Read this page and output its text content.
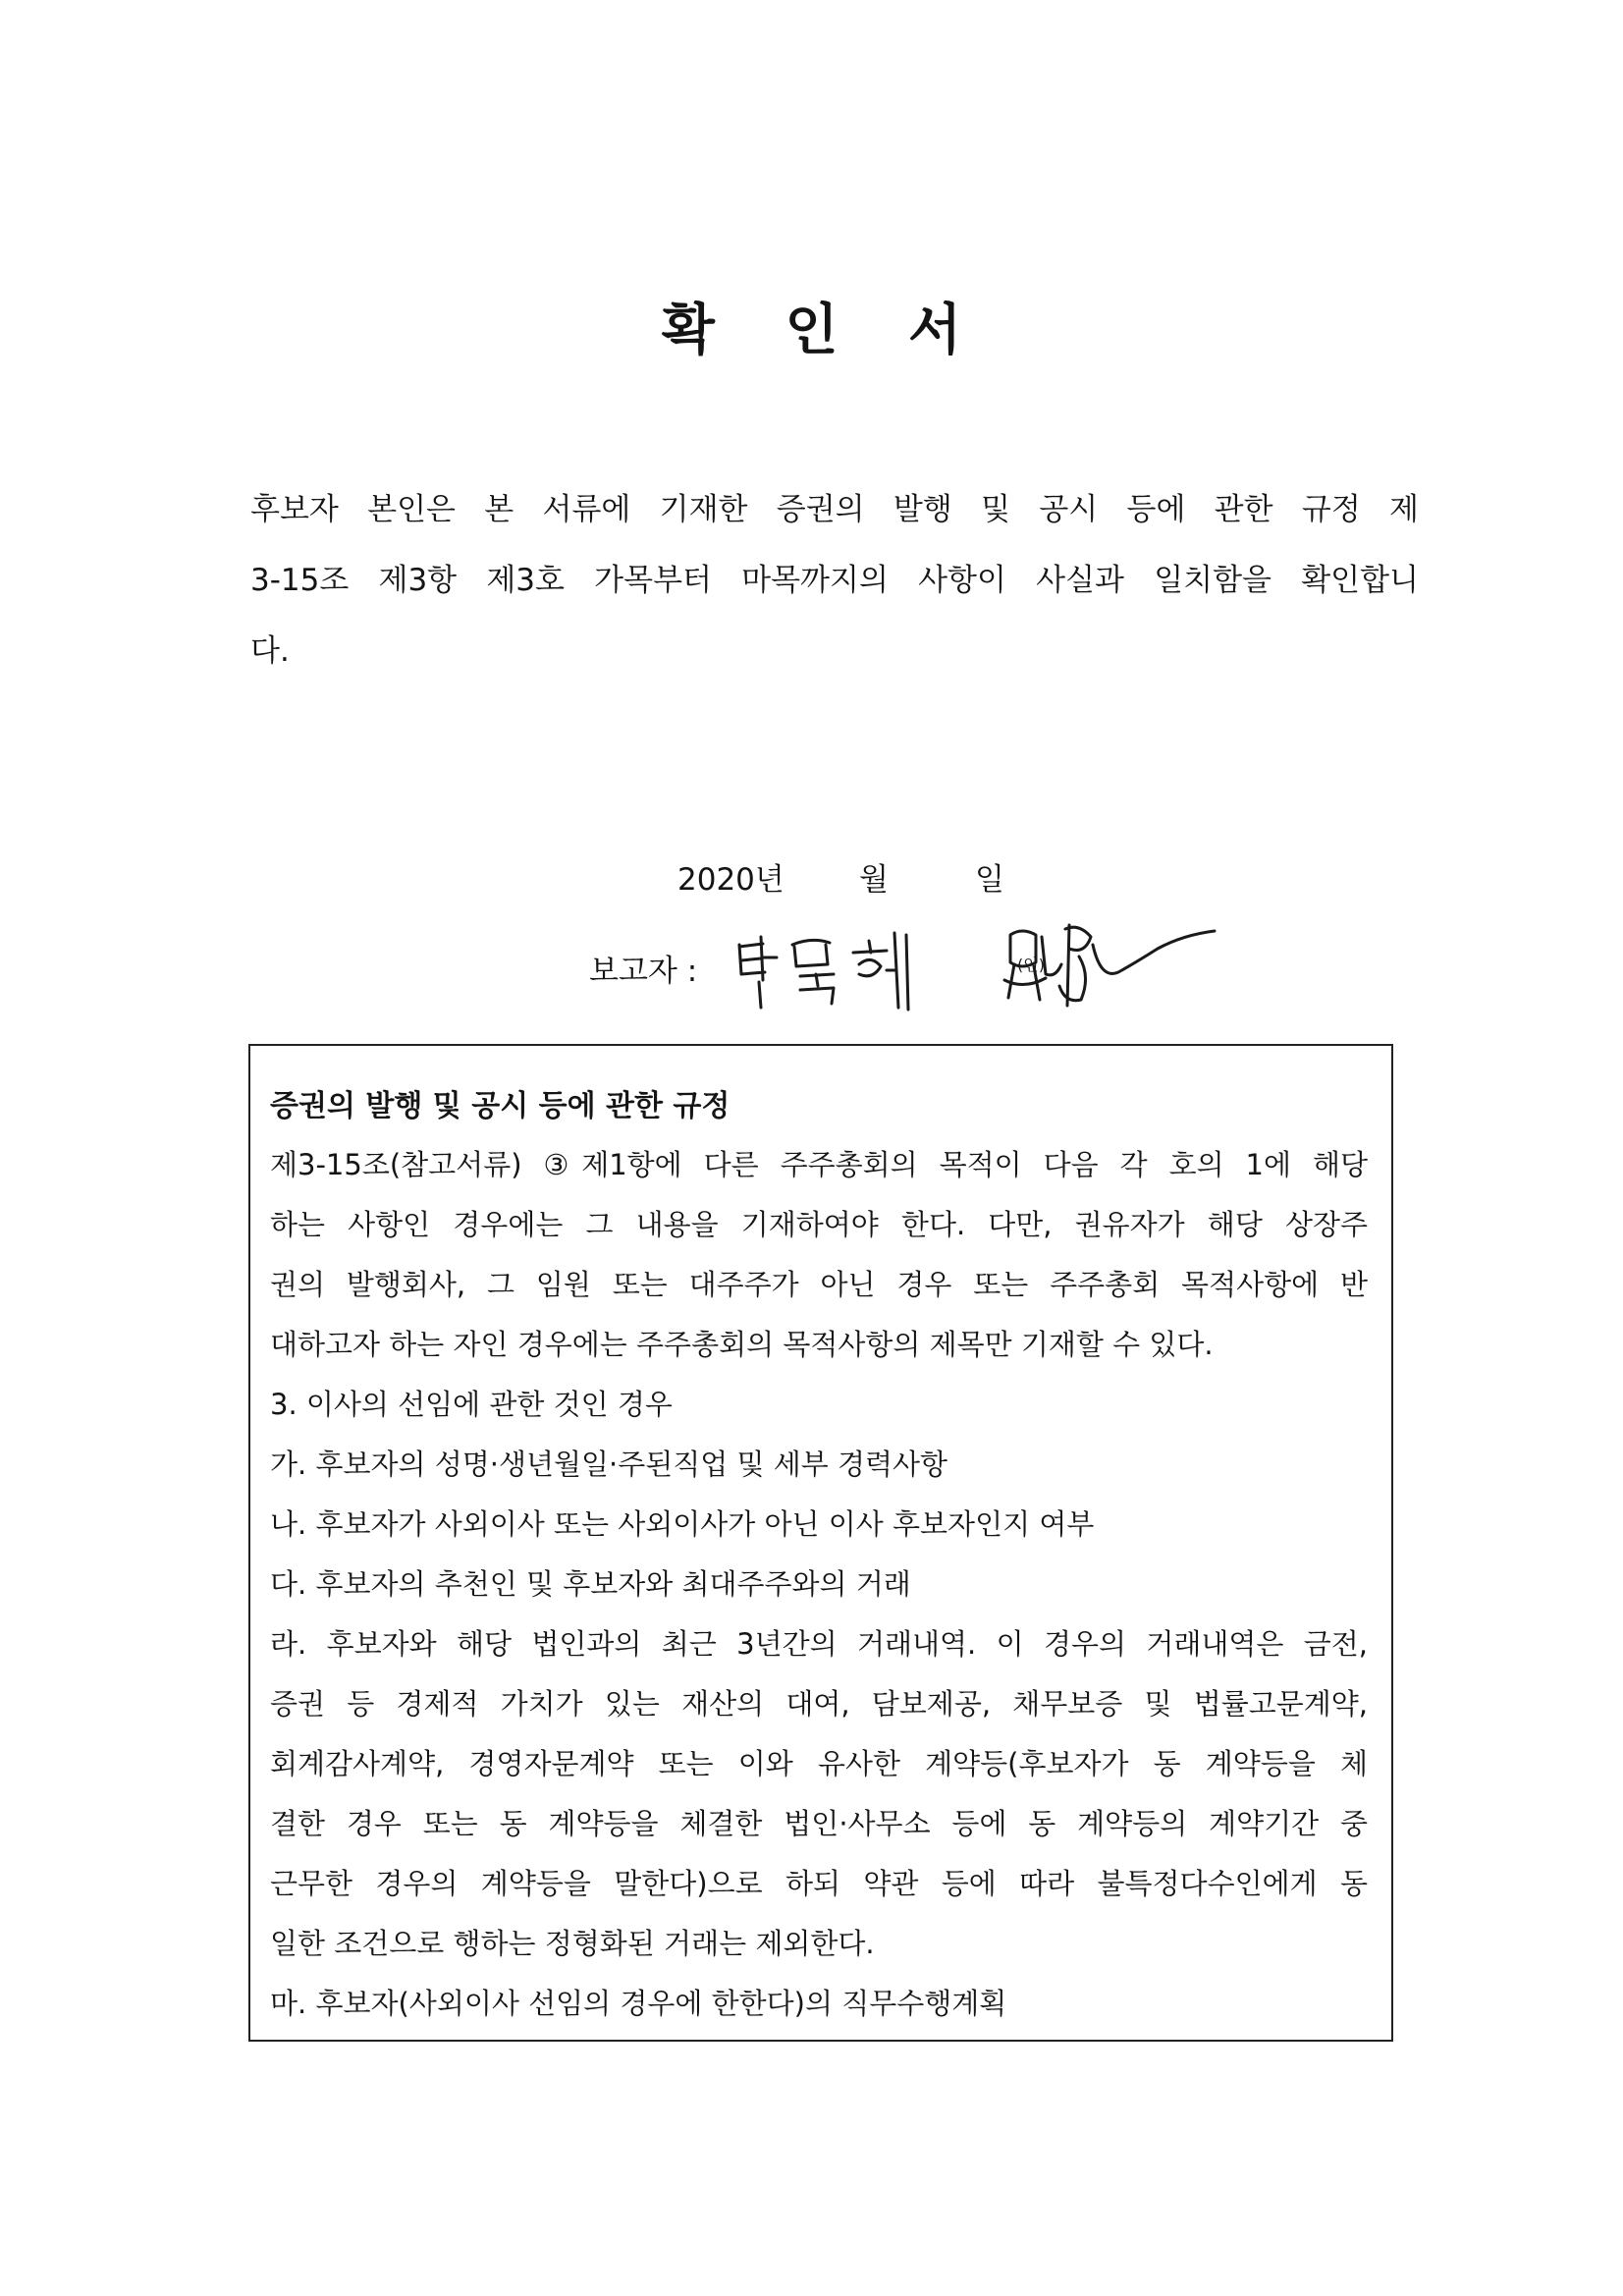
확 인 서
후보자 본인은 본 서류에 기재한 증권의 발행 및 공시 등에 관한 규정 제
3-15조 제3항 제3호 가목부터 마목까지의 사항이 사실과 일치함을 확인합니
다.
2020년 월	일
보고자 :	(인)
증권의 발행 및 공시 등에 관한 규정
제3-15조(참고서류) ③제1항에 다른 주주총회의 목적이 다음 각 호의 1에 해당
하는 사항인 경우에는 그 내용을 기재하여야 한다. 다만, 권유자가 해당 상장주
권의 발행회사, 그 임원 또는 대주주가 아닌 경우 또는 주주총회 목적사항에 반
대하고자 하는 자인 경우에는 주주총회의 목적사항의 제목만 기재할 수 있다.
3. 이사의 선임에 관한 것인 경우
가. 후보자의 성명·생년월일·주된직업 및 세부 경력사항
나. 후보자가 사외이사 또는 사외이사가 아닌 이사 후보자인지 여부
다. 후보자의 추천인 및 후보자와 최대주주와의 거래
라. 후보자와 해당 법인과의 최근 3년간의 거래내역. 이 경우의 거래내역은 금전,
증권 등 경제적 가치가 있는 재산의 대여, 담보제공, 채무보증 및 법률고문계약,
회계감사계약, 경영자문계약 또는 이와 유사한 계약등(후보자가 동 계약등을 체
결한 경우 또는 동 계약등을 체결한 법인·사무소 등에 동 계약등의 계약기간 중
근무한 경우의 계약등을 말한다)으로 하되 약관 등에 따라 불특정다수인에게 동
일한 조건으로 행하는 정형화된 거래는 제외한다.
마. 후보자(사외이사 선임의 경우에 한한다)의 직무수행계획
